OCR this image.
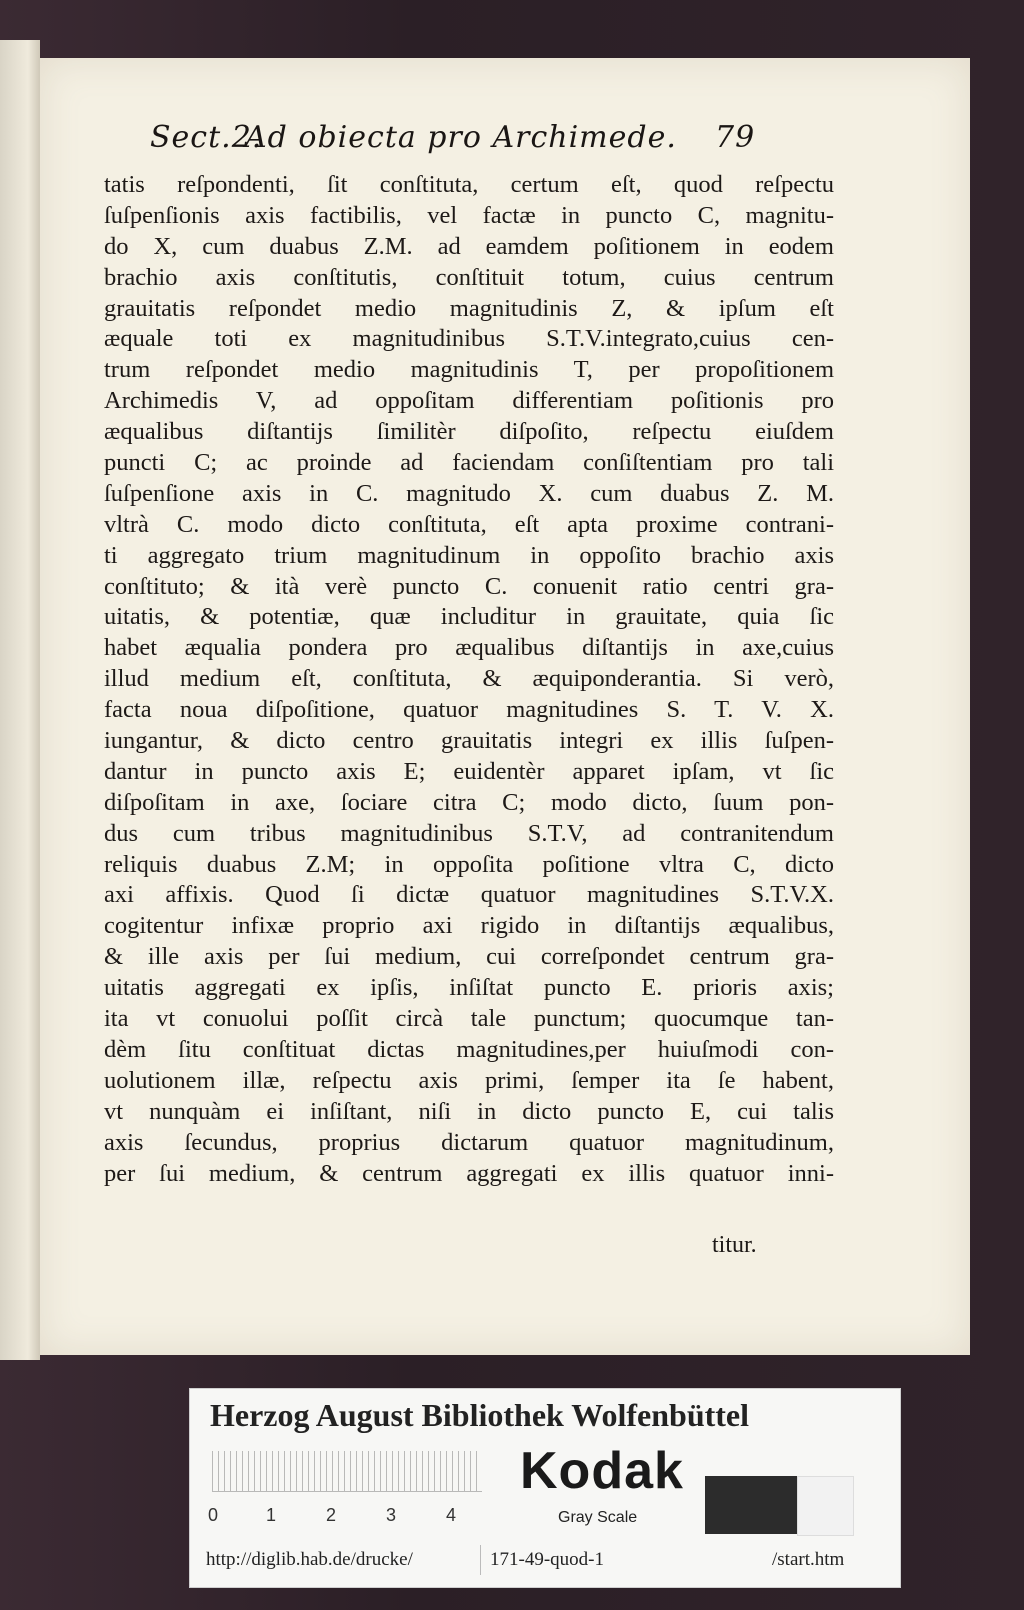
Sect.2.
Ad obiecta pro Archimede.	79
tatis reſpondenti, ſit conſtituta, certum eſt, quod reſpectu
ſuſpenſionis axis factibilis, vel factæ in puncto C, magnitu-
do X, cum duabus Z.M. ad eamdem poſitionem in eodem
brachio axis conſtitutis, conſtituit totum, cuius centrum
grauitatis reſpondet medio magnitudinis Z, & ipſum eſt
æquale toti ex magnitudinibus S.T.V.integrato,cuius cen-
trum reſpondet medio magnitudinis T, per propoſitionem
Archimedis V, ad oppoſitam differentiam poſitionis pro
æqualibus diſtantijs ſimilitèr diſpoſito, reſpectu eiuſdem
puncti C; ac proinde ad faciendam conſiſtentiam pro tali
ſuſpenſione axis in C. magnitudo X. cum duabus Z. M.
vltrà C. modo dicto conſtituta, eſt apta proxime contrani-
ti aggregato trium magnitudinum in oppoſito brachio axis
conſtituto; & ità verè puncto C. conuenit ratio centri gra-
uitatis, & potentiæ, quæ includitur in grauitate, quia ſic
habet æqualia pondera pro æqualibus diſtantijs in axe,cuius
illud medium eſt, conſtituta, & æquiponderantia. Si verò,
facta noua diſpoſitione, quatuor magnitudines S. T. V. X.
iungantur, & dicto centro grauitatis integri ex illis ſuſpen-
dantur in puncto axis E; euidentèr apparet ipſam, vt ſic
diſpoſitam in axe, ſociare citra C; modo dicto, ſuum pon-
dus cum tribus magnitudinibus S.T.V, ad contranitendum
reliquis duabus Z.M; in oppoſita poſitione vltra C, dicto
axi affixis. Quod ſi dictæ quatuor magnitudines S.T.V.X.
cogitentur infixæ proprio axi rigido in diſtantijs æqualibus,
& ille axis per ſui medium, cui correſpondet centrum gra-
uitatis aggregati ex ipſis, inſiſtat puncto E. prioris axis;
ita vt conuolui poſſit circà tale punctum; quocumque tan-
dèm ſitu conſtituat dictas magnitudines,per huiuſmodi con-
uolutionem illæ, reſpectu axis primi, ſemper ita ſe habent,
vt nunquàm ei inſiſtant, niſi in dicto puncto E, cui talis
axis ſecundus, proprius dictarum quatuor magnitudinum,
per ſui medium, & centrum aggregati ex illis quatuor inni-
titur.
Herzog August Bibliothek Wolfenbüttel
0	1	2	3	4
Kodak
Gray Scale
http://diglib.hab.de/drucke/	171-49-quod-1	/start.htm
